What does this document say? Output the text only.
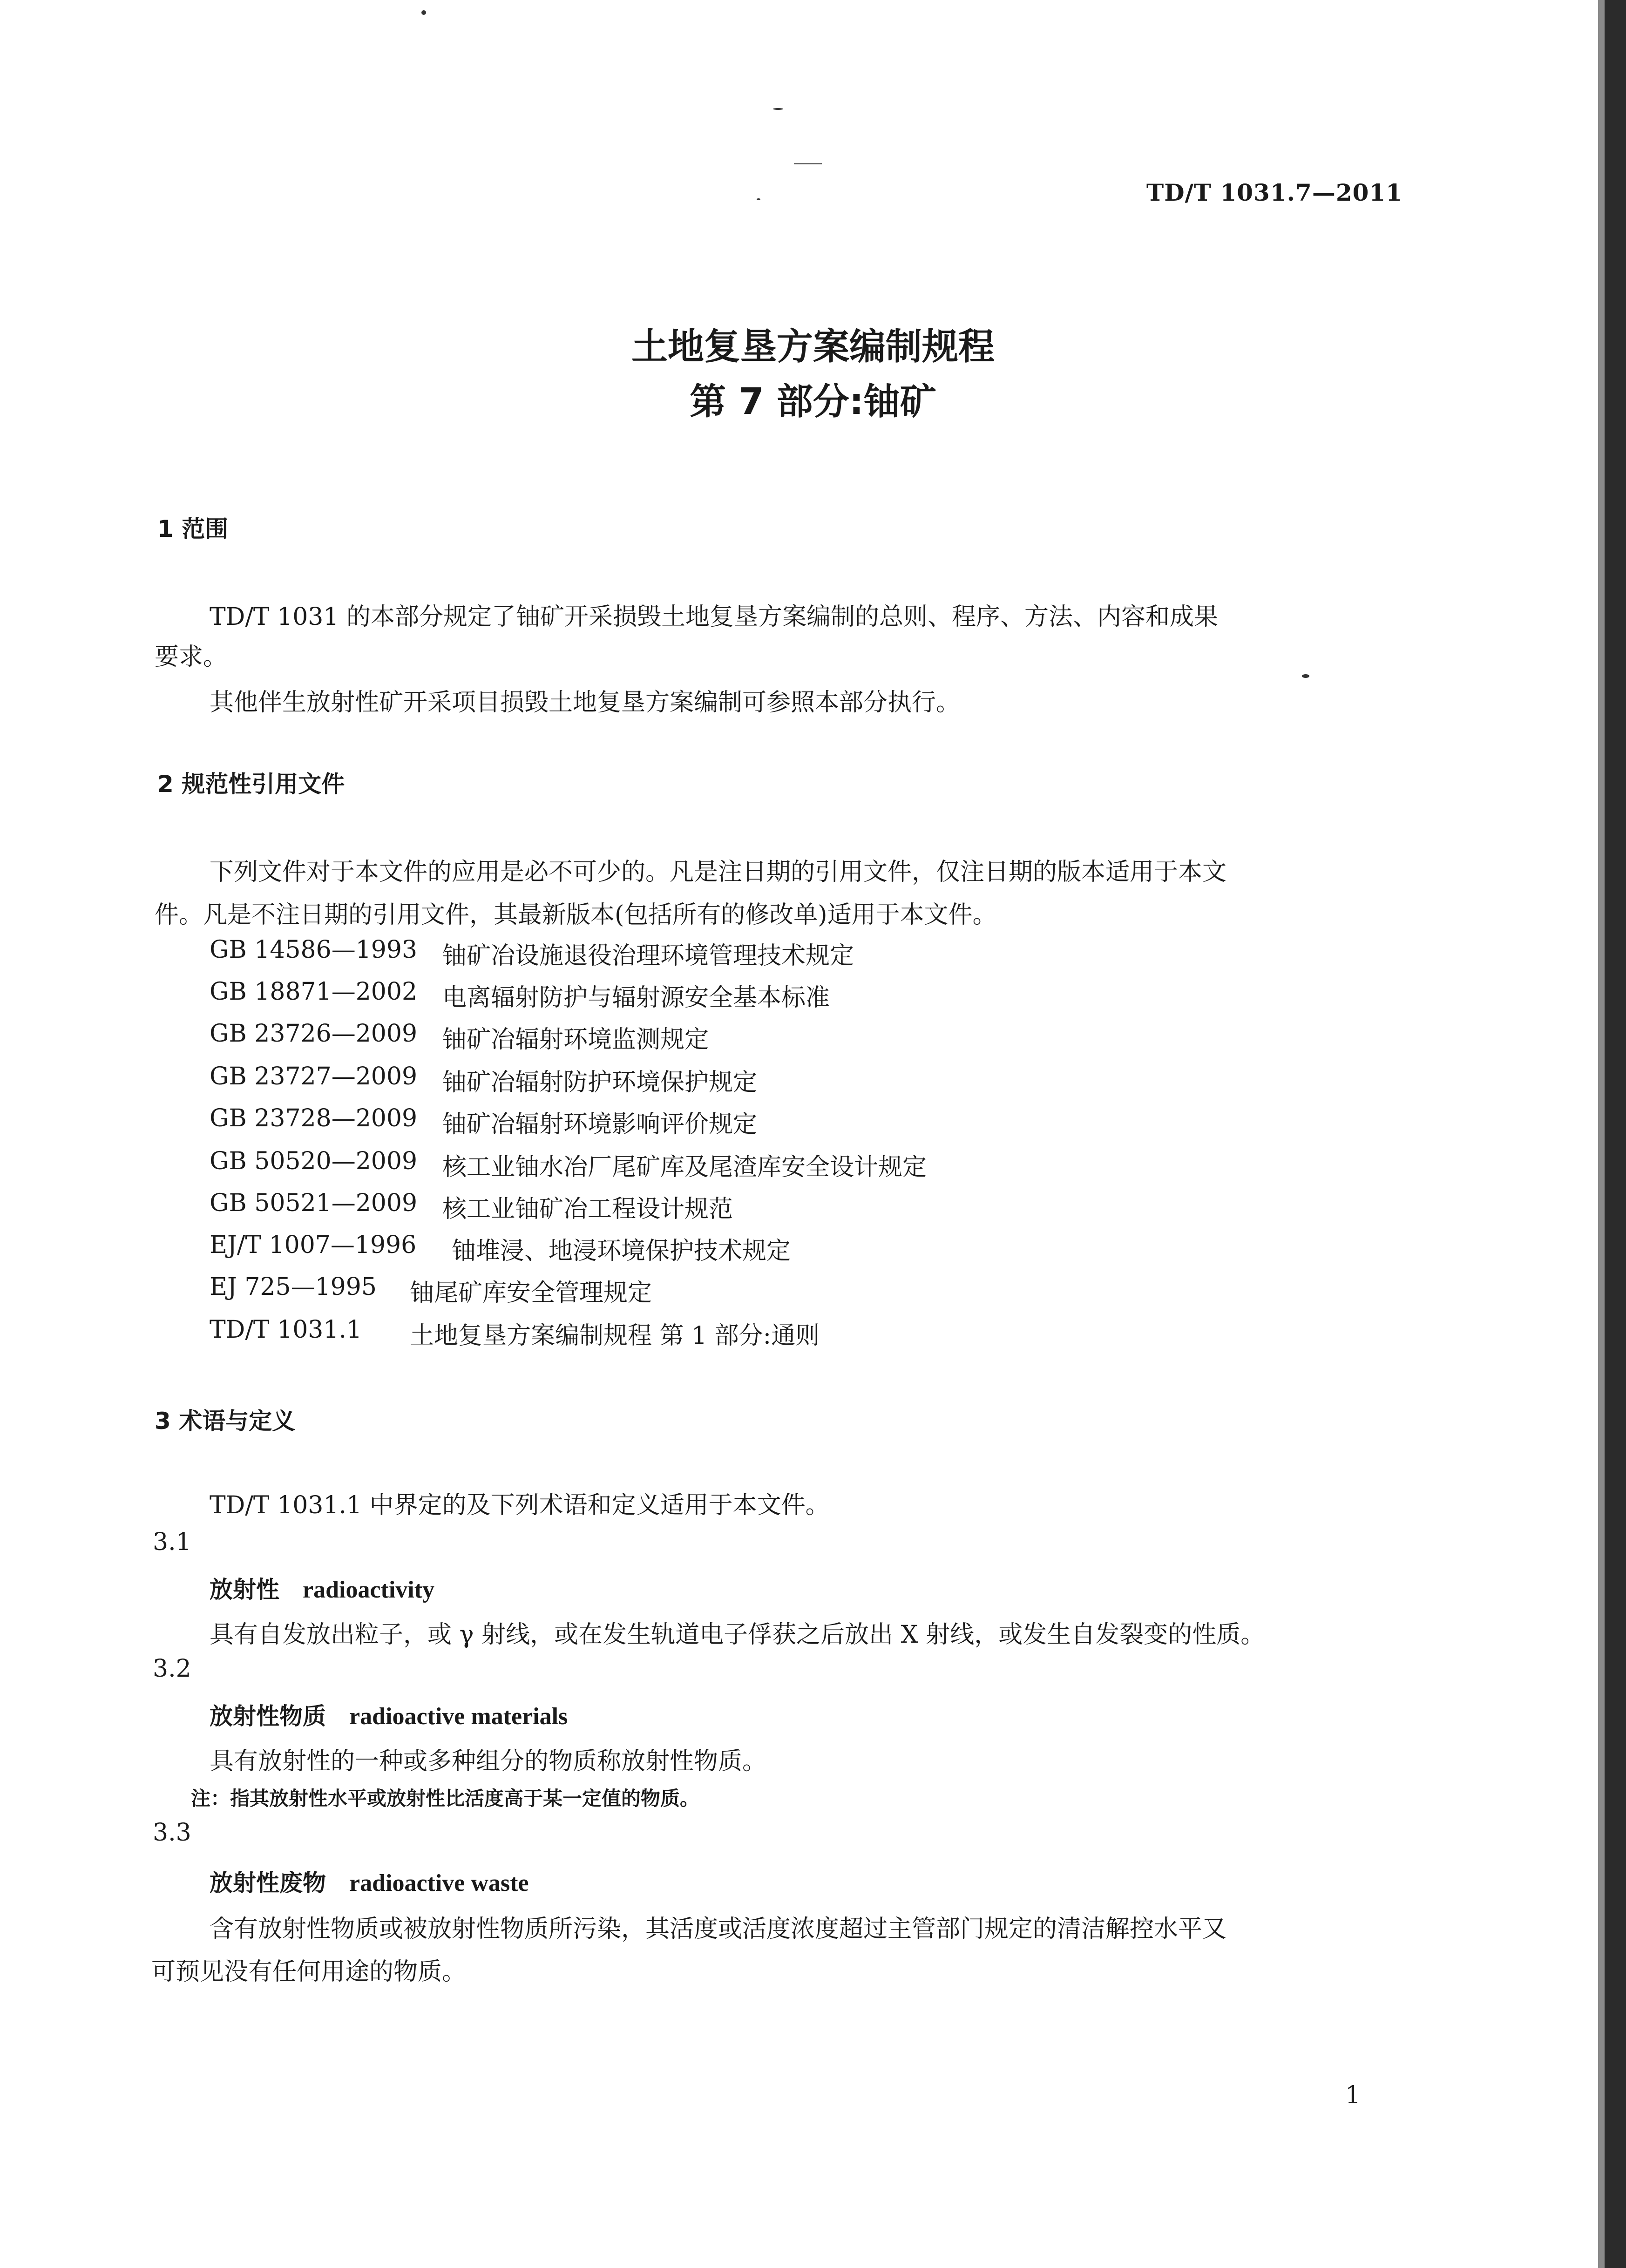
TD/T 1031.7—2011
土地复垦方案编制规程
第 7 部分:铀矿
1 范围
TD/T 1031 的本部分规定了铀矿开采损毁土地复垦方案编制的总则、程序、方法、内容和成果
要求。
其他伴生放射性矿开采项目损毁土地复垦方案编制可参照本部分执行。
2 规范性引用文件
下列文件对于本文件的应用是必不可少的。凡是注日期的引用文件，仅注日期的版本适用于本文
件。凡是不注日期的引用文件，其最新版本(包括所有的修改单)适用于本文件。
GB 14586—1993 铀矿冶设施退役治理环境管理技术规定
GB 18871—2002 电离辐射防护与辐射源安全基本标准
GB 23726—2009 铀矿冶辐射环境监测规定
GB 23727—2009 铀矿冶辐射防护环境保护规定
GB 23728—2009 铀矿冶辐射环境影响评价规定
GB 50520—2009 核工业铀水冶厂尾矿库及尾渣库安全设计规定
GB 50521—2009 核工业铀矿冶工程设计规范
EJ/T 1007—1996 铀堆浸、地浸环境保护技术规定
EJ 725—1995 铀尾矿库安全管理规定
TD/T 1031.1 土地复垦方案编制规程 第 1 部分:通则
3 术语与定义
TD/T 1031.1 中界定的及下列术语和定义适用于本文件。
3.1
放射性 radioactivity
具有自发放出粒子，或 γ 射线，或在发生轨道电子俘获之后放出 X 射线，或发生自发裂变的性质。
3.2
放射性物质 radioactive materials
具有放射性的一种或多种组分的物质称放射性物质。
注：指其放射性水平或放射性比活度高于某一定值的物质。
3.3
放射性废物 radioactive waste
含有放射性物质或被放射性物质所污染，其活度或活度浓度超过主管部门规定的清洁解控水平又
可预见没有任何用途的物质。
1
